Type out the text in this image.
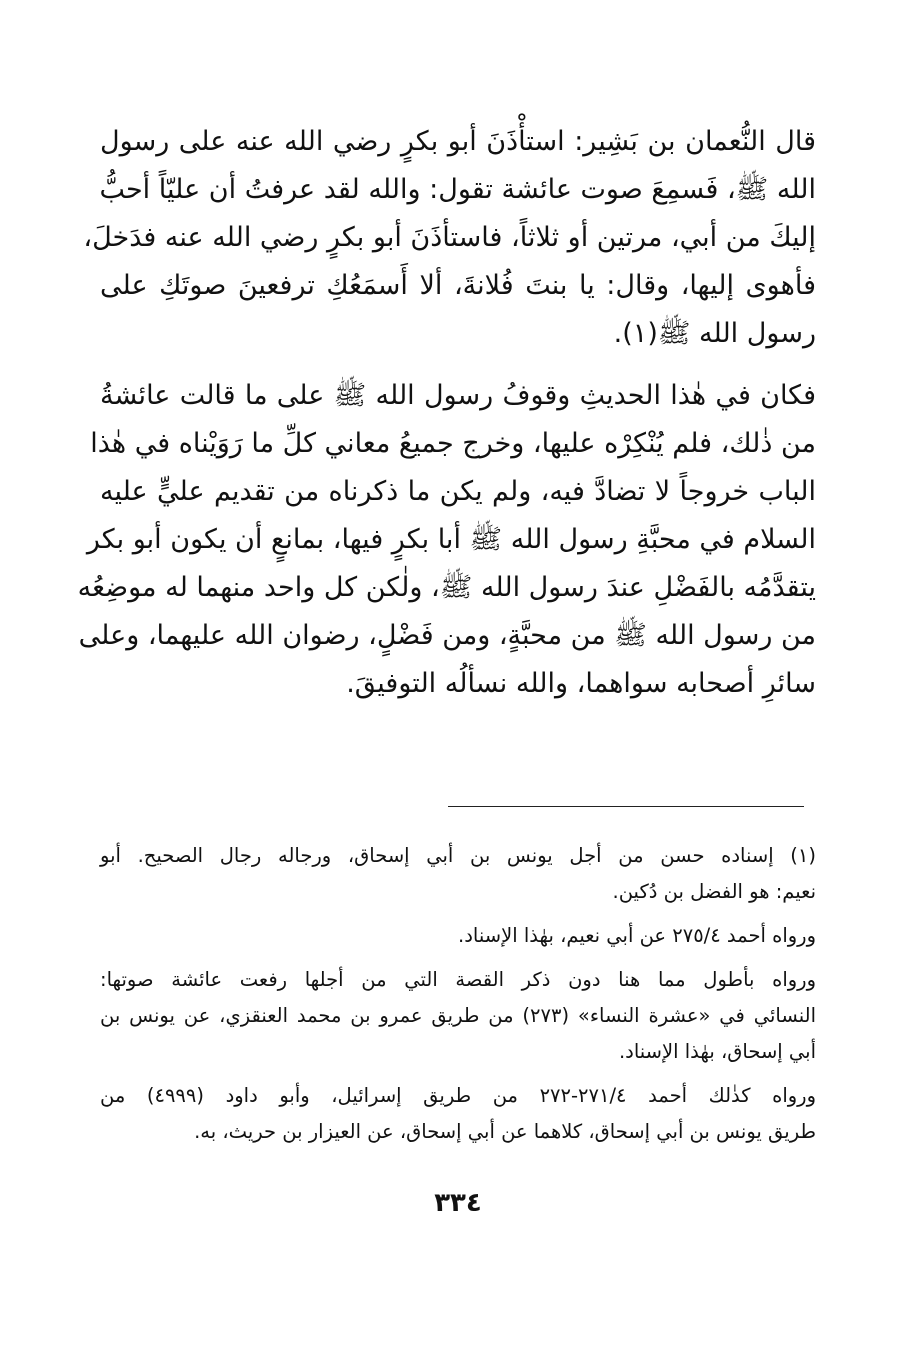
قال النُّعمان بن بَشِير: استأْذَنَ أبو بكرٍ رضي الله عنه على رسول
الله ﷺ، فَسمِعَ صوت عائشة تقول: والله لقد عرفتُ أن عليّاً أحبُّ
إليكَ من أبي، مرتين أو ثلاثاً، فاستأذَنَ أبو بكرٍ رضي الله عنه فدَخلَ،
فأهوى إليها، وقال: يا بنتَ فُلانةَ، ألا أَسمَعُكِ ترفعينَ صوتَكِ على
رسول الله ﷺ(١).
فكان في هٰذا الحديثِ وقوفُ رسول الله ﷺ على ما قالت عائشةُ
من ذٰلك، فلم يُنْكِرْه عليها، وخرج جميعُ معاني كلِّ ما رَوَيْناه في هٰذا
الباب خروجاً لا تضادَّ فيه، ولم يكن ما ذكرناه من تقديم عليٍّ عليه
السلام في محبَّةِ رسول الله ﷺ أبا بكرٍ فيها، بمانعٍ أن يكون أبو بكر
يتقدَّمُه بالفَضْلِ عندَ رسول الله ﷺ، ولٰكن كل واحد منهما له موضِعُه
من رسول الله ﷺ من محبَّةٍ، ومن فَضْلٍ، رضوان الله عليهما، وعلى
سائرِ أصحابه سواهما، والله نسألُه التوفيقَ.
(١) إسناده حسن من أجل يونس بن أبي إسحاق، ورجاله رجال الصحيح. أبو
نعيم: هو الفضل بن دُكين.
ورواه أحمد ٢٧٥/٤ عن أبي نعيم، بهٰذا الإسناد.
ورواه بأطول مما هنا دون ذكر القصة التي من أجلها رفعت عائشة صوتها:
النسائي في «عشرة النساء» (٢٧٣) من طريق عمرو بن محمد العنقزي، عن يونس بن
أبي إسحاق، بهٰذا الإسناد.
ورواه كذٰلك أحمد ٢٧١/٤-٢٧٢ من طريق إسرائيل، وأبو داود (٤٩٩٩) من
طريق يونس بن أبي إسحاق، كلاهما عن أبي إسحاق، عن العيزار بن حريث، به.
٣٣٤
